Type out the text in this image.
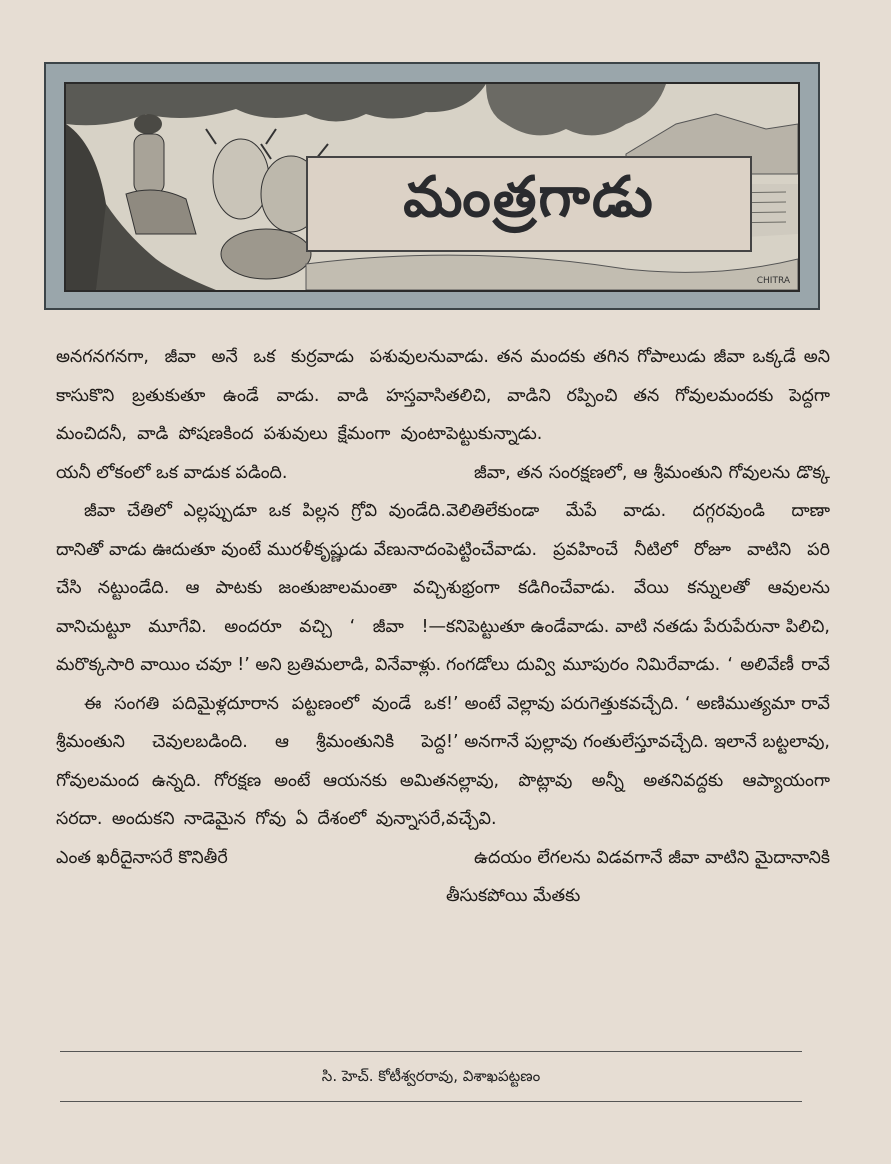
మంత్రగాడు
CHITRA

అనగనగనగా, జీవా అనే ఒక కుర్రవాడు పశువులను కాసుకొని బ్రతుకుతూ ఉండే వాడు. వాడి హస్తవాసి మంచిదనీ, వాడి పోషణకింద పశువులు క్షేమంగా వుంటా యనీ లోకంలో ఒక వాడుక పడింది.

జీవా చేతిలో ఎల్లప్పుడూ ఒక పిల్లన గ్రోవి వుండేది. దానితో వాడు ఊదుతూ వుంటే మురళీకృష్ణుడు వేణునాదం చేసి నట్టుండేది. ఆ పాటకు జంతుజాలమంతా వచ్చి వానిచుట్టూ మూగేవి. అందరూ వచ్చి ‘ జీవా !—మరొక్కసారి వాయిం చవూ !’ అని బ్రతిమలాడి, వినేవాళ్లు.

ఈ సంగతి పదిమైళ్లదూరాన పట్టణంలో వుండే ఒక శ్రీమంతుని చెవులబడింది. ఆ శ్రీమంతునికి పెద్ద గోవులమంద ఉన్నది. గోరక్షణ అంటే ఆయనకు అమిత సరదా. అందుకని నాడెమైన గోవు ఏ దేశంలో వున్నాసరే, ఎంత ఖరీదైనాసరే కొనితీరే

వాడు. తన మందకు తగిన గోపాలుడు జీవా ఒక్కడే అని తలిచి, వాడిని రప్పించి తన గోవులమందకు పెద్దగా పెట్టుకున్నాడు.

జీవా, తన సంరక్షణలో, ఆ శ్రీమంతుని గోవులను డొక్క వెలితిలేకుండా మేపే వాడు. దగ్గరవుండి దాణా పెట్టించేవాడు. ప్రవహించే నీటిలో రోజూ వాటిని పరి శుభ్రంగా కడిగించేవాడు. వేయి కన్నులతో ఆవులను కనిపెట్టుతూ ఉండేవాడు. వాటి నతడు పేరుపేరునా పిలిచి, గంగడోలు దువ్వి మూపురం నిమిరేవాడు. ‘ అలివేణీ రావే !’ అంటే వెల్లావు పరుగెత్తుకవచ్చేది. ‘ అణిముత్యమా రావే !’ అనగానే పుల్లావు గంతులేస్తూవచ్చేది. ఇలానే బట్టలావు, నల్లావు, పొట్లావు అన్నీ అతనివద్దకు ఆప్యాయంగా వచ్చేవి.

ఉదయం లేగలను విడవగానే జీవా వాటిని మైదానానికి తీసుకపోయి మేతకు

సి. హెచ్. కోటీశ్వరరావు, విశాఖపట్టణం
